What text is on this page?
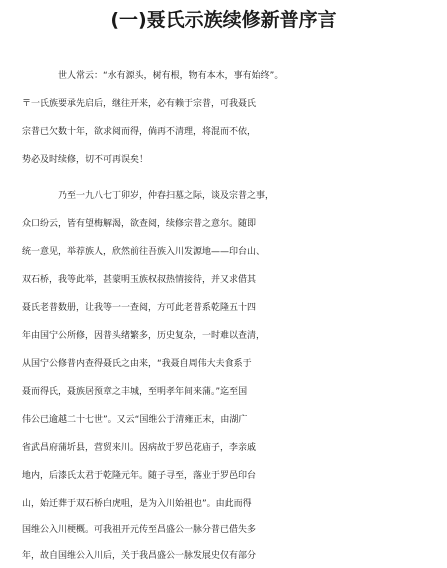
(一)聂氏示族续修新普序言
世人常云：“水有源头，树有根，物有本木，事有始终”。
〒一氏族要承先启后，继往开来，必有赖于宗普，可我聂氏
宗普已欠数十年，欲求阅而得，倘再不清理，将混而不依，
势必及时续修，切不可再误矣！
乃至一九八七丁卯岁，仲春扫墓之际，谈及宗普之事，
众口纷云，皆有望梅解渴，欲查阅，续修宗普之意尔。随即
统一意见，举荐族人，欣然前往吾族入川发源地——印台山、
双石桥，我等此举，甚蒙明玉族权叔热情接待，并又求借其
聂氏老普数册，让我等一一查阅，方可此老普系乾隆五十四
年由国宁公所修，因普头绪繁多，历史复杂，一时难以查清，
从国宁公修普内查得聂氏之由来，“我聂自周伟大夫食系于
聂而得氏，聂族居预章之丰城，至明孝年间来蒲。”迄至国
伟公已逾越二十七世”。又云“国维公于清雍正末，由湖广
省武昌府蒲圻县，营贸来川。因病故于罗邑花庙子，李亲戚
地内，后漆氏太君于乾隆元年。随子寻至，落业于罗邑印台
山，始迁葬于双石桥白虎咀，是为入川始祖也”。由此而得
国维公入川梗概。可我祖开元传至昌盛公一脉分普已借失多
年，故自国维公入川后，关于我昌盛公一脉发展史仅有部分
